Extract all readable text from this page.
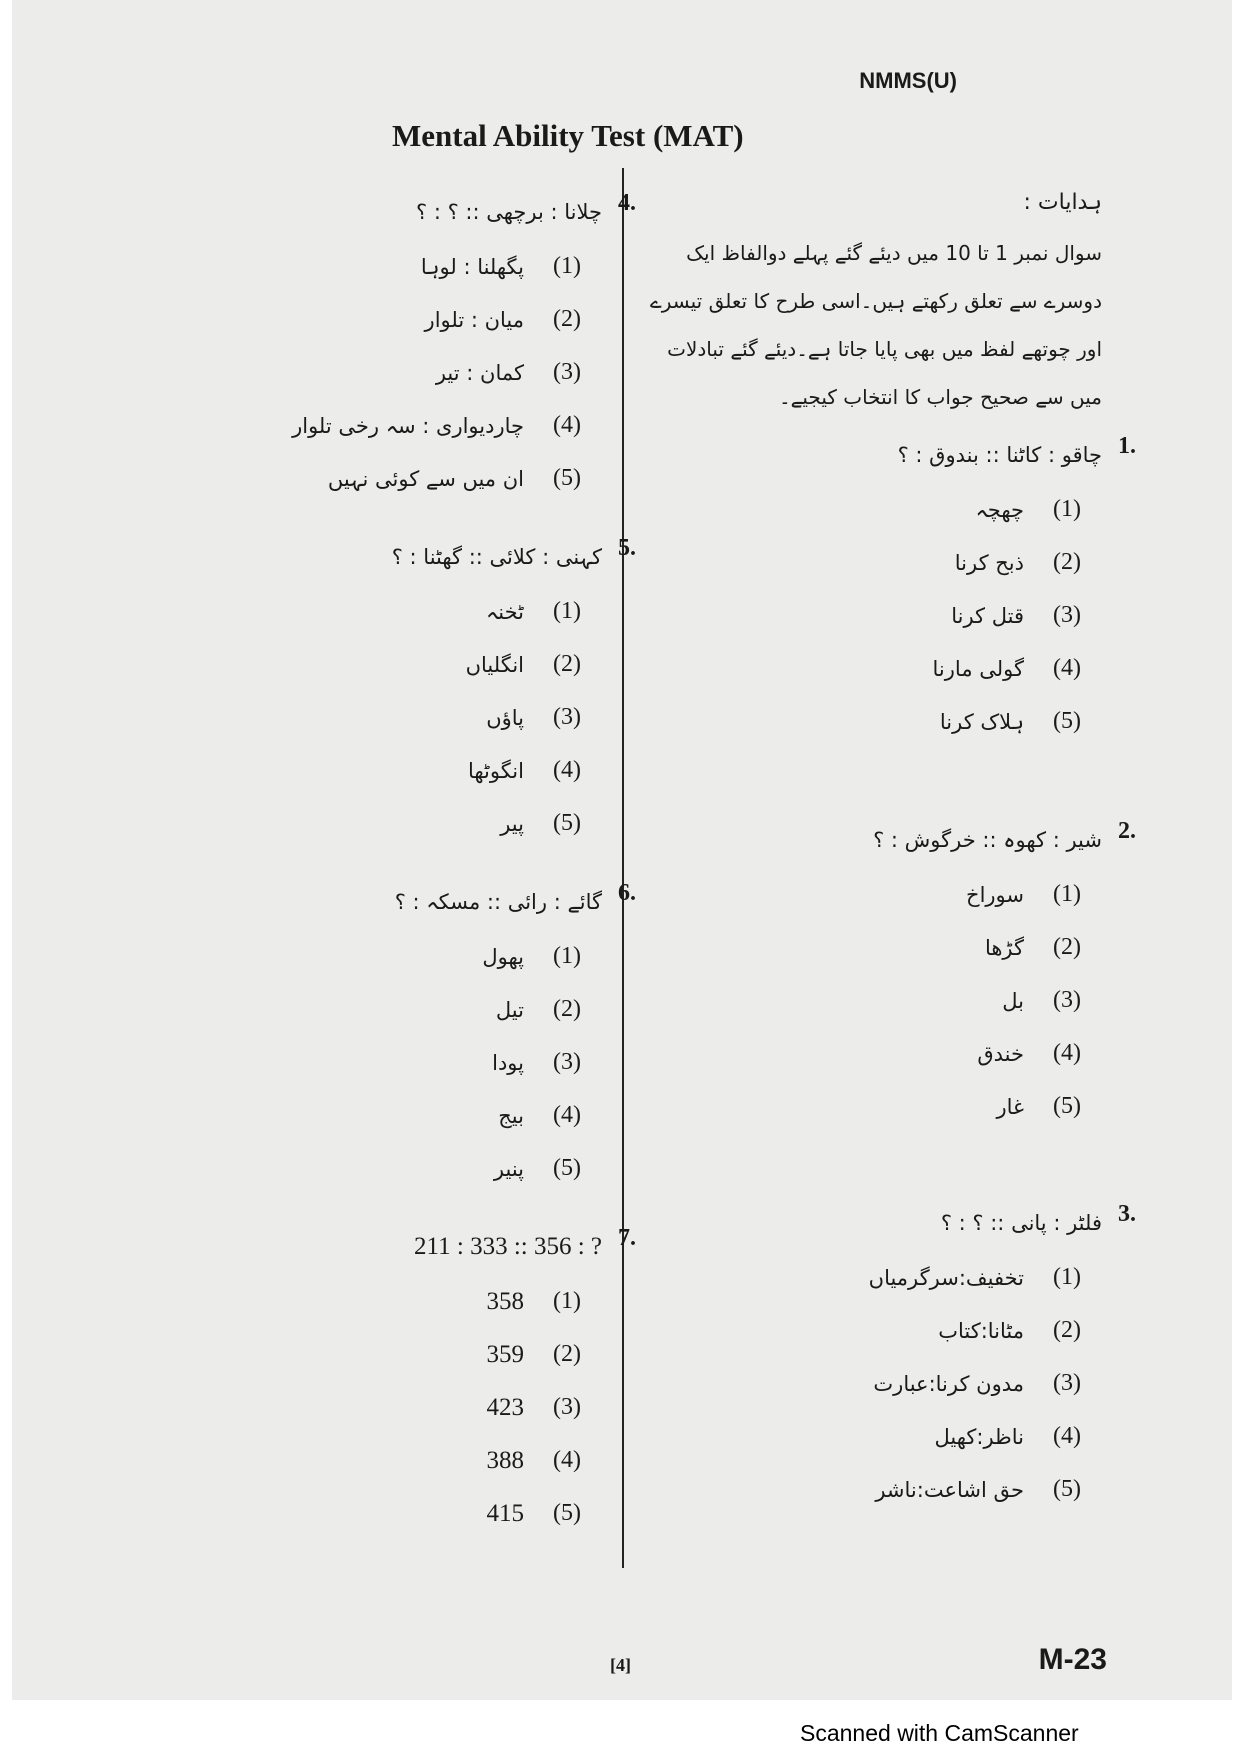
NMMS(U)
Mental Ability Test (MAT)
ہدایات :
سوال نمبر 1 تا 10 میں دیئے گئے پہلے دوالفاظ ایک دوسرے سے تعلق رکھتے ہیں۔اسی طرح کا تعلق تیسرے اور چوتھے لفظ میں بھی پایا جاتا ہے۔دیئے گئے تبادلات میں سے صحیح جواب کا انتخاب کیجیے۔
.1
چاقو : کاٹنا :: بندوق : ؟
(1)
چھچہ
(2)
ذبح کرنا
(3)
قتل کرنا
(4)
گولی مارنا
(5)
ہلاک کرنا
.2
شیر : کھوہ :: خرگوش : ؟
(1)
سوراخ
(2)
گڑھا
(3)
بل
(4)
خندق
(5)
غار
.3
فلٹر : پانی :: ؟ : ؟
(1)
تخفیف:سرگرمیاں
(2)
مٹانا:کتاب
(3)
مدون کرنا:عبارت
(4)
ناظر:کھیل
(5)
حق اشاعت:ناشر
.4
چلانا : برچھی :: ؟ : ؟
(1)
پگھلنا : لوہا
(2)
میان : تلوار
(3)
کمان : تیر
(4)
چاردیواری : سہ رخی تلوار
(5)
ان میں سے کوئی نہیں
.5
کہنی : کلائی :: گھٹنا : ؟
(1)
ٹخنہ
(2)
انگلیاں
(3)
پاؤں
(4)
انگوٹھا
(5)
پیر
.6
گائے : رائی :: مسکہ : ؟
(1)
پھول
(2)
تیل
(3)
پودا
(4)
بیج
(5)
پنیر
.7
211 : 333 :: 356 : ?
(1)
358
(2)
359
(3)
423
(4)
388
(5)
415
[4]	M-23
Scanned with CamScanner
